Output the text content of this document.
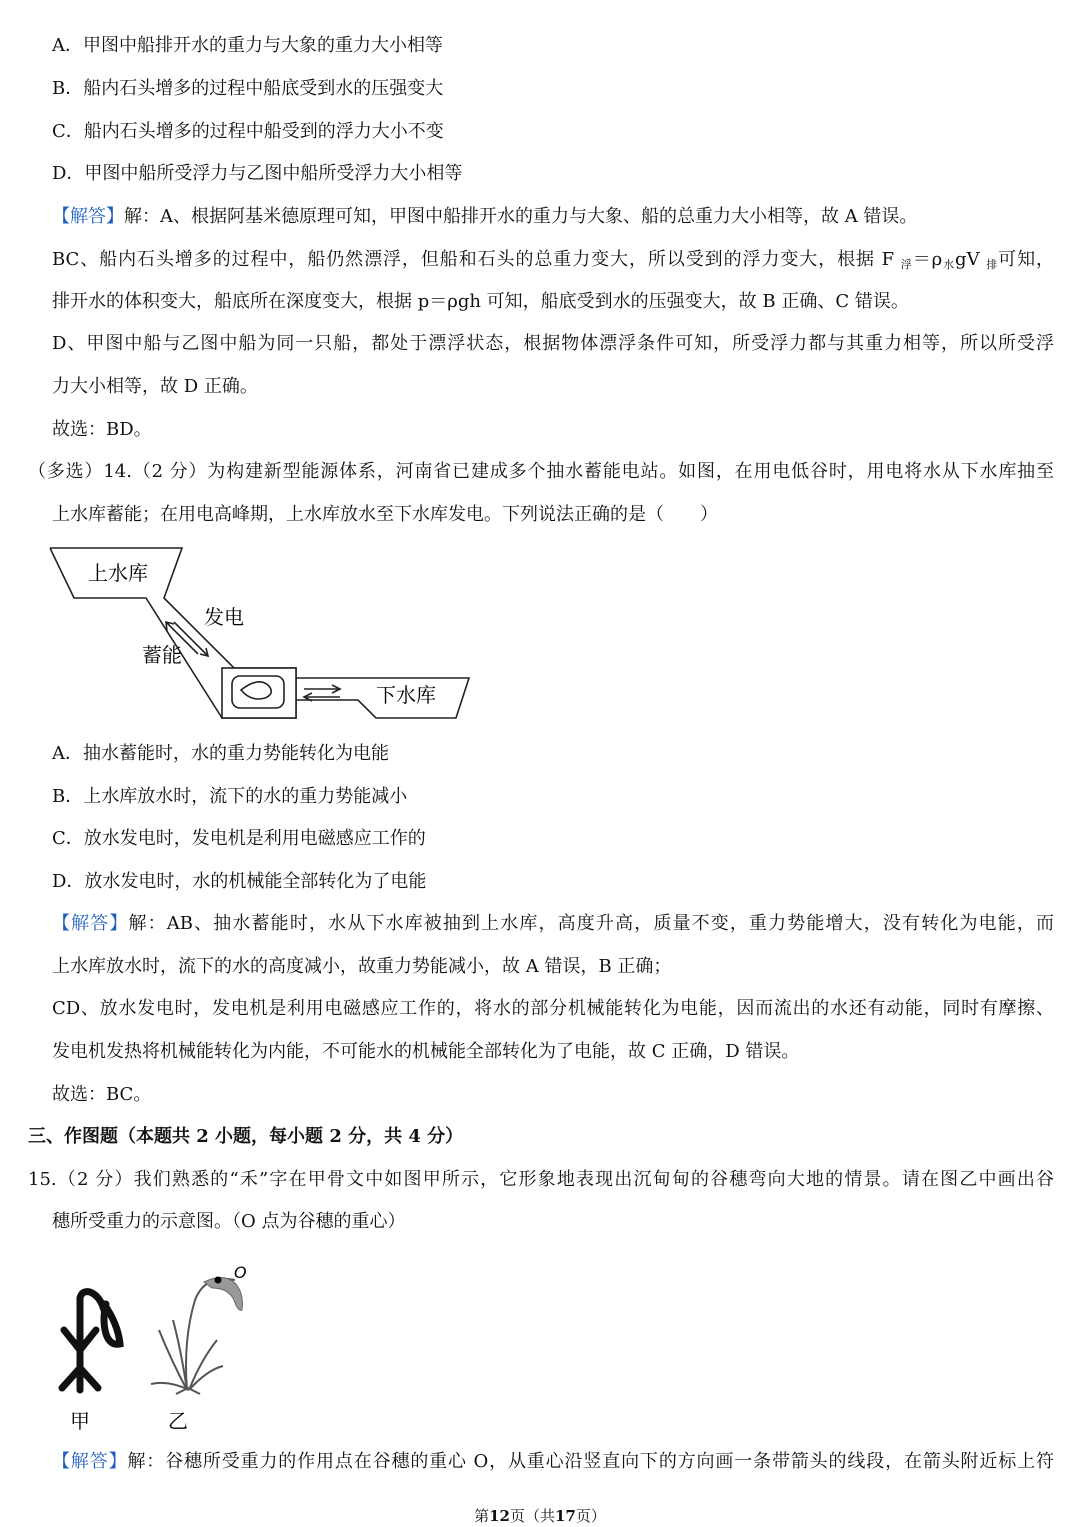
A．甲图中船排开水的重力与大象的重力大小相等
B．船内石头增多的过程中船底受到水的压强变大
C．船内石头增多的过程中船受到的浮力大小不变
D．甲图中船所受浮力与乙图中船所受浮力大小相等
【解答】解：A、根据阿基米德原理可知，甲图中船排开水的重力与大象、船的总重力大小相等，故 A 错误。
BC、船内石头增多的过程中，船仍然漂浮，但船和石头的总重力变大，所以受到的浮力变大，根据 F $_浮=\rho_水gV$ $_排$可知，
排开水的体积变大，船底所在深度变大，根据 p＝ρgh 可知，船底受到水的压强变大，故 B 正确、C 错误。
D、甲图中船与乙图中船为同一只船，都处于漂浮状态，根据物体漂浮条件可知，所受浮力都与其重力相等，所以所受浮
力大小相等，故 D 正确。
故选：BD。
（多选）14.（2 分）为构建新型能源体系，河南省已建成多个抽水蓄能电站。如图，在用电低谷时，用电将水从下水库抽至
上水库蓄能；在用电高峰期，上水库放水至下水库发电。下列说法正确的是（　　）
上水库
发电
蓄能
下水库
A．抽水蓄能时，水的重力势能转化为电能
B．上水库放水时，流下的水的重力势能减小
C．放水发电时，发电机是利用电磁感应工作的
D．放水发电时，水的机械能全部转化为了电能
【解答】解：AB、抽水蓄能时，水从下水库被抽到上水库，高度升高，质量不变，重力势能增大，没有转化为电能，而
上水库放水时，流下的水的高度减小，故重力势能减小，故 A 错误，B 正确；
CD、放水发电时，发电机是利用电磁感应工作的，将水的部分机械能转化为电能，因而流出的水还有动能，同时有摩擦、
发电机发热将机械能转化为内能，不可能水的机械能全部转化为了电能，故 C 正确，D 错误。
故选：BC。
三、作图题（本题共 2 小题，每小题 2 分，共 4 分）
15.（2 分）我们熟悉的“禾”字在甲骨文中如图甲所示，它形象地表现出沉甸甸的谷穗弯向大地的情景。请在图乙中画出谷
穗所受重力的示意图。（O 点为谷穗的重心）
甲
O
乙
【解答】解：谷穗所受重力的作用点在谷穗的重心 O，从重心沿竖直向下的方向画一条带箭头的线段，在箭头附近标上符
第12页（共17页）
